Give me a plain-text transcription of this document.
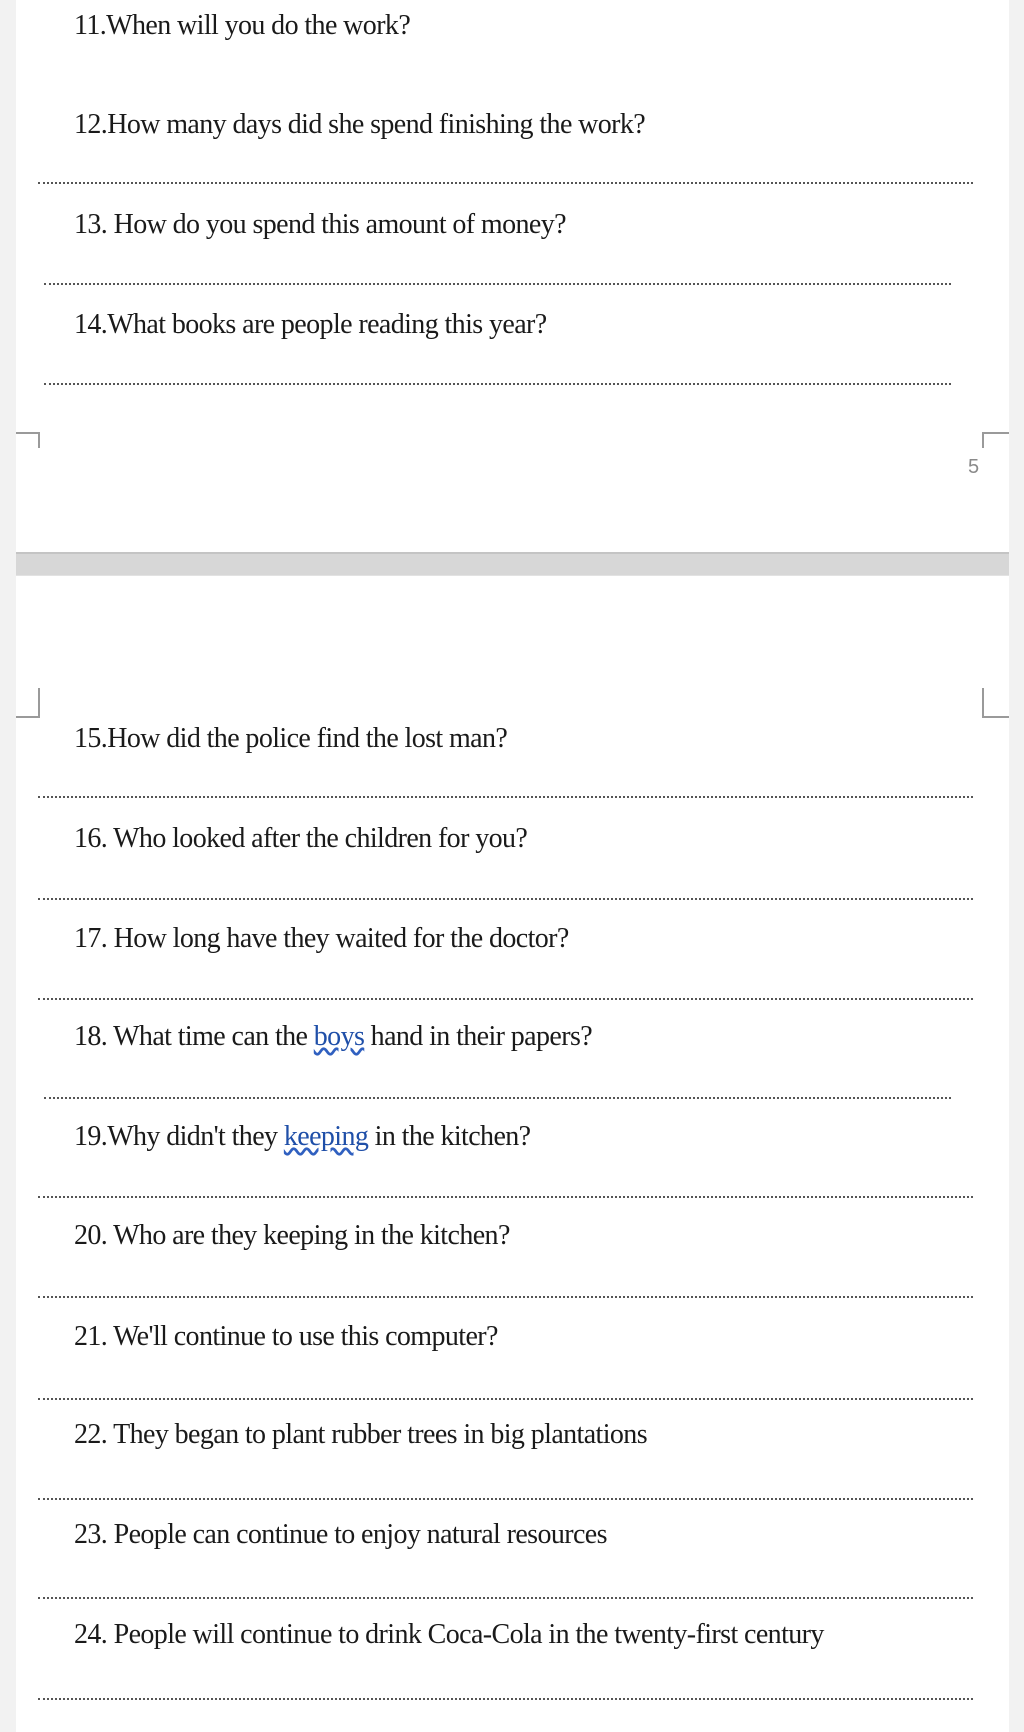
11.When will you do the work?
12.How many days did she spend finishing the work?
13. How do you spend this amount of money?
14.What books are people reading this year?
5
15.How did the police find the lost man?
16. Who looked after the children for you?
17. How long have they waited for the doctor?
18. What time can the boys hand in their papers?
19.Why didn't they keeping in the kitchen?
20. Who are they keeping in the kitchen?
21. We'll continue to use this computer?
22. They began to plant rubber trees in big plantations
23. People can continue to enjoy natural resources
24. People will continue to drink Coca-Cola in the twenty-first century
